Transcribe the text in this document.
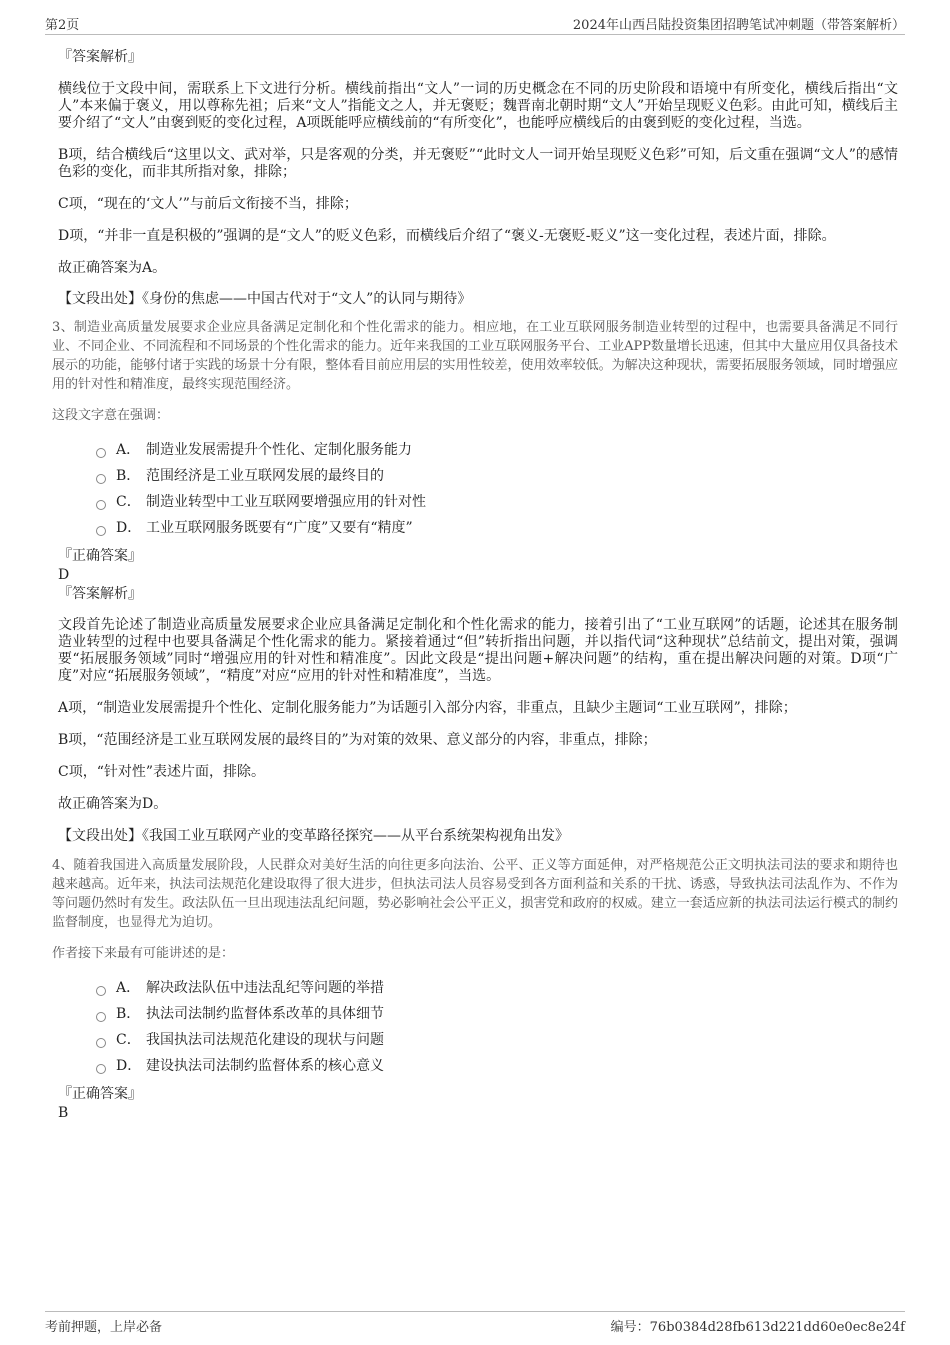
第2页	2024年山西吕陆投资集团招聘笔试冲刺题（带答案解析）
『答案解析』

横线位于文段中间，需联系上下文进行分析。横线前指出“文人”一词的历史概念在不同的历史阶段和语境中有所变化，横线后指出“文人”本来偏于褒义，用以尊称先祖；后来“文人”指能文之人，并无褒贬；魏晋南北朝时期“文人”开始呈现贬义色彩。由此可知，横线后主要介绍了“文人”由褒到贬的变化过程，A项既能呼应横线前的“有所变化”，也能呼应横线后的由褒到贬的变化过程，当选。

B项，结合横线后“这里以文、武对举，只是客观的分类，并无褒贬”“此时文人一词开始呈现贬义色彩”可知，后文重在强调“文人”的感情色彩的变化，而非其所指对象，排除；

C项，“现在的‘文人’”与前后文衔接不当，排除；

D项，“并非一直是积极的”强调的是“文人”的贬义色彩，而横线后介绍了“褒义-无褒贬-贬义”这一变化过程，表述片面，排除。

故正确答案为A。

【文段出处】《身份的焦虑——中国古代对于“文人”的认同与期待》

3、制造业高质量发展要求企业应具备满足定制化和个性化需求的能力。相应地，在工业互联网服务制造业转型的过程中，也需要具备满足不同行业、不同企业、不同流程和不同场景的个性化需求的能力。近年来我国的工业互联网服务平台、工业APP数量增长迅速，但其中大量应用仅具备技术展示的功能，能够付诸于实践的场景十分有限，整体看目前应用层的实用性较差，使用效率较低。为解决这种现状，需要拓展服务领域，同时增强应用的针对性和精准度，最终实现范围经济。

这段文字意在强调：

A． 制造业发展需提升个性化、定制化服务能力
B． 范围经济是工业互联网发展的最终目的
C． 制造业转型中工业互联网要增强应用的针对性
D． 工业互联网服务既要有“广度”又要有“精度”
『正确答案』
D
『答案解析』

文段首先论述了制造业高质量发展要求企业应具备满足定制化和个性化需求的能力，接着引出了“工业互联网”的话题，论述其在服务制造业转型的过程中也要具备满足个性化需求的能力。紧接着通过“但”转折指出问题，并以指代词“这种现状”总结前文，提出对策，强调要“拓展服务领域”同时“增强应用的针对性和精准度”。因此文段是“提出问题+解决问题”的结构，重在提出解决问题的对策。D项“广度”对应“拓展服务领域”，“精度”对应“应用的针对性和精准度”，当选。

A项，“制造业发展需提升个性化、定制化服务能力”为话题引入部分内容，非重点，且缺少主题词“工业互联网”，排除；

B项，“范围经济是工业互联网发展的最终目的”为对策的效果、意义部分的内容，非重点，排除；

C项，“针对性”表述片面，排除。

故正确答案为D。

【文段出处】《我国工业互联网产业的变革路径探究——从平台系统架构视角出发》

4、随着我国进入高质量发展阶段，人民群众对美好生活的向往更多向法治、公平、正义等方面延伸，对严格规范公正文明执法司法的要求和期待也越来越高。近年来，执法司法规范化建设取得了很大进步，但执法司法人员容易受到各方面利益和关系的干扰、诱惑，导致执法司法乱作为、不作为等问题仍然时有发生。政法队伍一旦出现违法乱纪问题，势必影响社会公平正义，损害党和政府的权威。建立一套适应新的执法司法运行模式的制约监督制度，也显得尤为迫切。

作者接下来最有可能讲述的是：

A． 解决政法队伍中违法乱纪等问题的举措
B． 执法司法制约监督体系改革的具体细节
C． 我国执法司法规范化建设的现状与问题
D． 建设执法司法制约监督体系的核心意义
『正确答案』
B
考前押题，上岸必备	编号：76b0384d28fb613d221dd60e0ec8e24f
